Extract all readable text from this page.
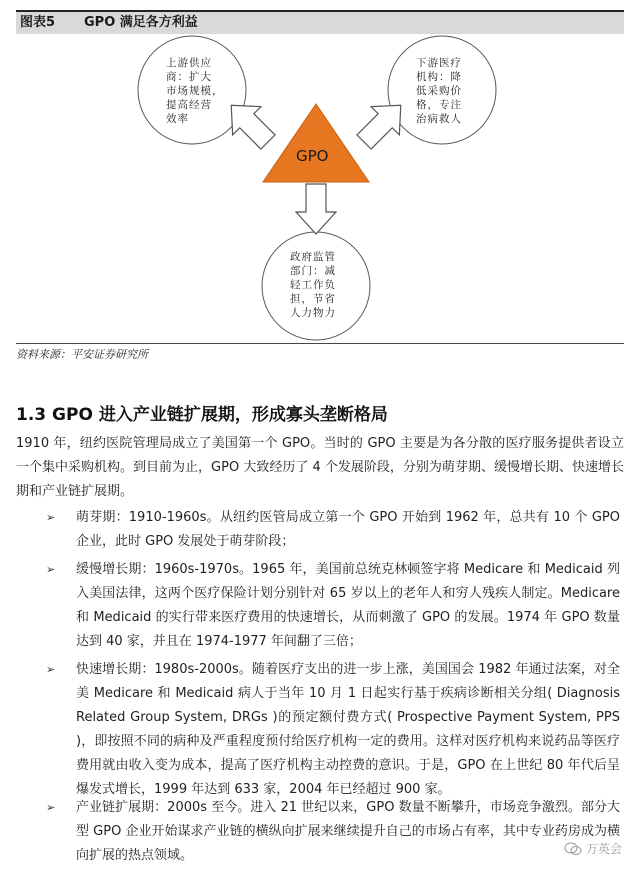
图表5 GPO 满足各方利益
上游供应
商：扩大
市场规模，
提高经营
效率
下游医疗
机构：降
低采购价
格，专注
治病救人
政府监管
部门：减
轻工作负
担，节省
人力物力
GPO
资料来源：平安证券研究所
1.3 GPO 进入产业链扩展期，形成寡头垄断格局
1910 年，纽约医院管理局成立了美国第一个 GPO。当时的 GPO 主要是为各分散的医疗服务提供者设立一个集中采购机构。到目前为止，GPO 大致经历了 4 个发展阶段，分别为萌芽期、缓慢增长期、快速增长期和产业链扩展期。
➢ 萌芽期：1910-1960s。从纽约医管局成立第一个 GPO 开始到 1962 年，总共有 10 个 GPO 企业，此时 GPO 发展处于萌芽阶段；
➢ 缓慢增长期：1960s-1970s。1965 年，美国前总统克林顿签字将 Medicare 和 Medicaid 列入美国法律，这两个医疗保险计划分别针对 65 岁以上的老年人和穷人残疾人制定。Medicare 和 Medicaid 的实行带来医疗费用的快速增长，从而刺激了 GPO 的发展。1974 年 GPO 数量达到 40 家，并且在 1974-1977 年间翻了三倍；
➢ 快速增长期：1980s-2000s。随着医疗支出的进一步上涨，美国国会 1982 年通过法案，对全美 Medicare 和 Medicaid 病人于当年 10 月 1 日起实行基于疾病诊断相关分组( Diagnosis Related Group System, DRGs )的预定额付费方式( Prospective Payment System, PPS )，即按照不同的病种及严重程度预付给医疗机构一定的费用。这样对医疗机构来说药品等医疗费用就由收入变为成本，提高了医疗机构主动控费的意识。于是，GPO 在上世纪 80 年代后呈爆发式增长，1999 年达到 633 家，2004 年已经超过 900 家。
➢ 产业链扩展期：2000s 至今。进入 21 世纪以来，GPO 数量不断攀升，市场竞争激烈。部分大型 GPO 企业开始谋求产业链的横纵向扩展来继续提升自己的市场占有率，其中专业药房成为横向扩展的热点领域。	万英会
